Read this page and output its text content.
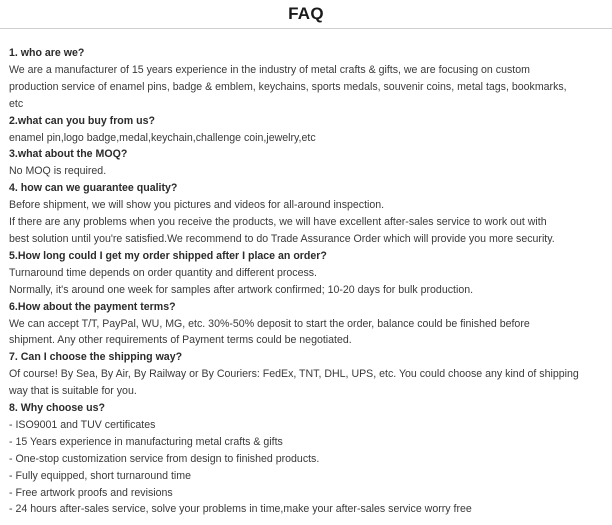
FAQ
1. who are we?
We are a manufacturer of 15 years experience in the industry of metal crafts & gifts, we are focusing on custom
production service of enamel pins, badge & emblem, keychains, sports medals, souvenir coins, metal tags, bookmarks,
etc
2.what can you buy from us?
enamel pin,logo badge,medal,keychain,challenge coin,jewelry,etc
3.what about the MOQ?
No MOQ is required.
4. how can we guarantee quality?
Before shipment, we will show you pictures and videos for all-around inspection.
If there are any problems when you receive the products, we will have excellent after-sales service to work out with
best solution until you're satisfied.We recommend to do Trade Assurance Order which will provide you more security.
5.How long could I get my order shipped after I place an order?
Turnaround time depends on order quantity and different process.
Normally, it's around one week for samples after artwork confirmed; 10-20 days for bulk production.
6.How about the payment terms?
We can accept T/T, PayPal, WU, MG, etc. 30%-50% deposit to start the order, balance could be finished before
shipment. Any other requirements of Payment terms could be negotiated.
7. Can I choose the shipping way?
Of course! By Sea, By Air, By Railway or By Couriers: FedEx, TNT, DHL, UPS, etc. You could choose any kind of shipping
way that is suitable for you.
8. Why choose us?
- ISO9001 and TUV certificates
- 15 Years experience in manufacturing metal crafts & gifts
- One-stop customization service from design to finished products.
- Fully equipped, short turnaround time
- Free artwork proofs and revisions
- 24 hours after-sales service, solve your problems in time,make your after-sales service worry free
